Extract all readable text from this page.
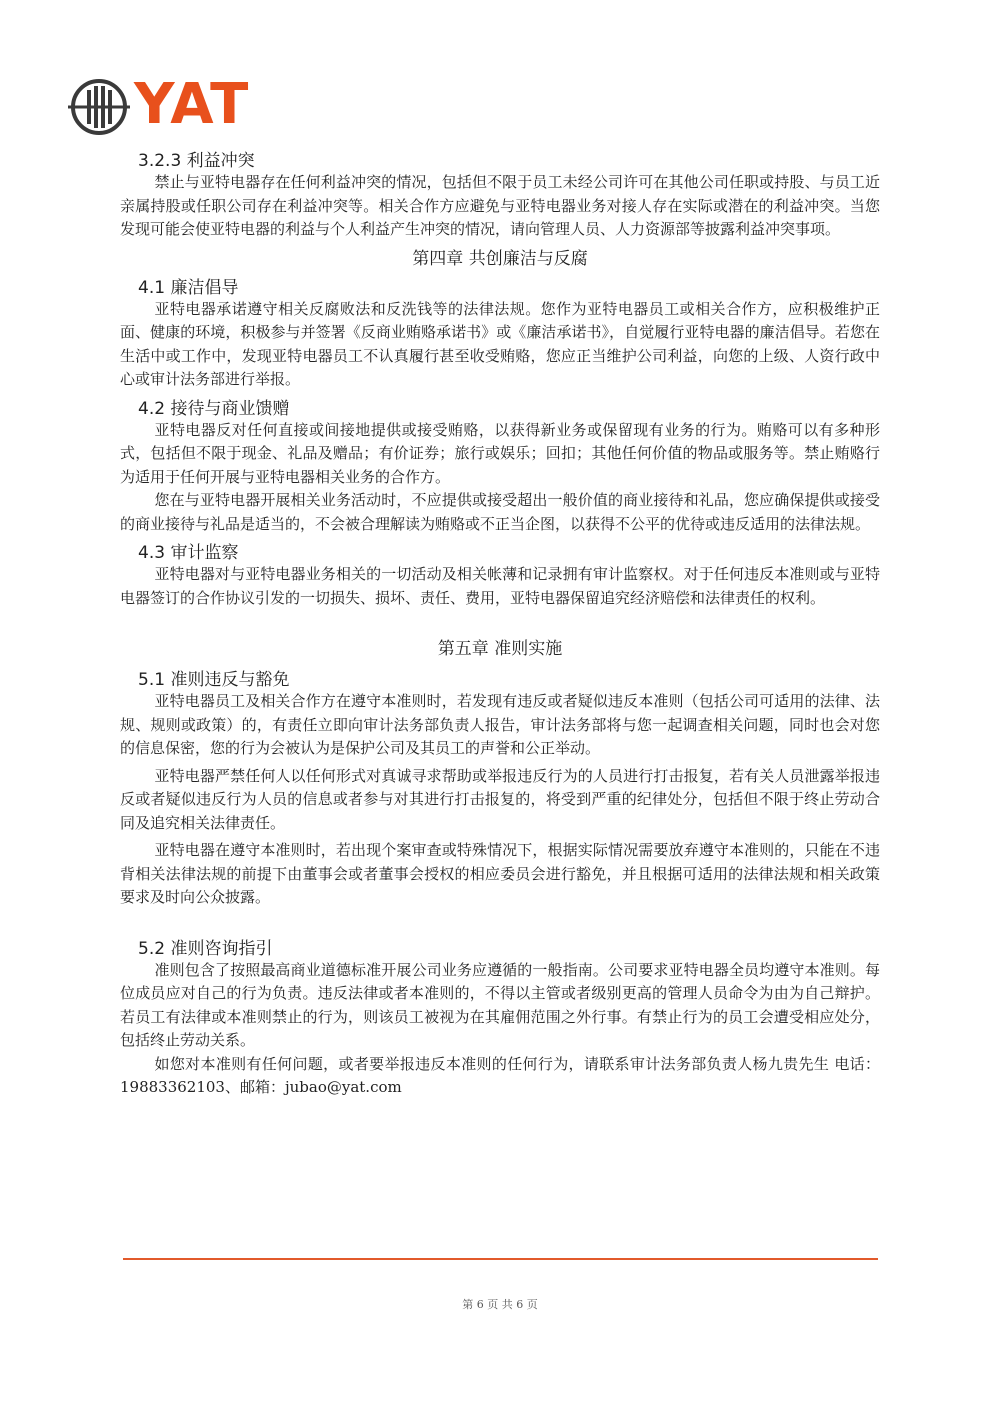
YAT
3.2.3 利益冲突

禁止与亚特电器存在任何利益冲突的情况，包括但不限于员工未经公司许可在其他公司任职或持股、与员工近亲属持股或任职公司存在利益冲突等。相关合作方应避免与亚特电器业务对接人存在实际或潜在的利益冲突。当您发现可能会使亚特电器的利益与个人利益产生冲突的情况，请向管理人员、人力资源部等披露利益冲突事项。

第四章 共创廉洁与反腐
4.1 廉洁倡导

亚特电器承诺遵守相关反腐败法和反洗钱等的法律法规。您作为亚特电器员工或相关合作方，应积极维护正面、健康的环境，积极参与并签署《反商业贿赂承诺书》或《廉洁承诺书》，自觉履行亚特电器的廉洁倡导。若您在生活中或工作中，发现亚特电器员工不认真履行甚至收受贿赂，您应正当维护公司利益，向您的上级、人资行政中心或审计法务部进行举报。

4.2 接待与商业馈赠

亚特电器反对任何直接或间接地提供或接受贿赂，以获得新业务或保留现有业务的行为。贿赂可以有多种形式，包括但不限于现金、礼品及赠品；有价证券；旅行或娱乐；回扣；其他任何价值的物品或服务等。禁止贿赂行为适用于任何开展与亚特电器相关业务的合作方。

您在与亚特电器开展相关业务活动时，不应提供或接受超出一般价值的商业接待和礼品，您应确保提供或接受的商业接待与礼品是适当的，不会被合理解读为贿赂或不正当企图，以获得不公平的优待或违反适用的法律法规。

4.3 审计监察

亚特电器对与亚特电器业务相关的一切活动及相关帐薄和记录拥有审计监察权。对于任何违反本准则或与亚特电器签订的合作协议引发的一切损失、损坏、责任、费用，亚特电器保留追究经济赔偿和法律责任的权利。

第五章 准则实施
5.1 准则违反与豁免

亚特电器员工及相关合作方在遵守本准则时，若发现有违反或者疑似违反本准则（包括公司可适用的法律、法规、规则或政策）的，有责任立即向审计法务部负责人报告，审计法务部将与您一起调查相关问题，同时也会对您的信息保密，您的行为会被认为是保护公司及其员工的声誉和公正举动。

亚特电器严禁任何人以任何形式对真诚寻求帮助或举报违反行为的人员进行打击报复，若有关人员泄露举报违反或者疑似违反行为人员的信息或者参与对其进行打击报复的，将受到严重的纪律处分，包括但不限于终止劳动合同及追究相关法律责任。

亚特电器在遵守本准则时，若出现个案审查或特殊情况下，根据实际情况需要放弃遵守本准则的，只能在不违背相关法律法规的前提下由董事会或者董事会授权的相应委员会进行豁免，并且根据可适用的法律法规和相关政策要求及时向公众披露。

5.2 准则咨询指引

准则包含了按照最高商业道德标准开展公司业务应遵循的一般指南。公司要求亚特电器全员均遵守本准则。每位成员应对自己的行为负责。违反法律或者本准则的，不得以主管或者级别更高的管理人员命令为由为自己辩护。若员工有法律或本准则禁止的行为，则该员工被视为在其雇佣范围之外行事。有禁止行为的员工会遭受相应处分，包括终止劳动关系。

如您对本准则有任何问题，或者要举报违反本准则的任何行为，请联系审计法务部负责人杨九贵先生 电话：19883362103、邮箱：jubao@yat.com

第 6 页 共 6 页
